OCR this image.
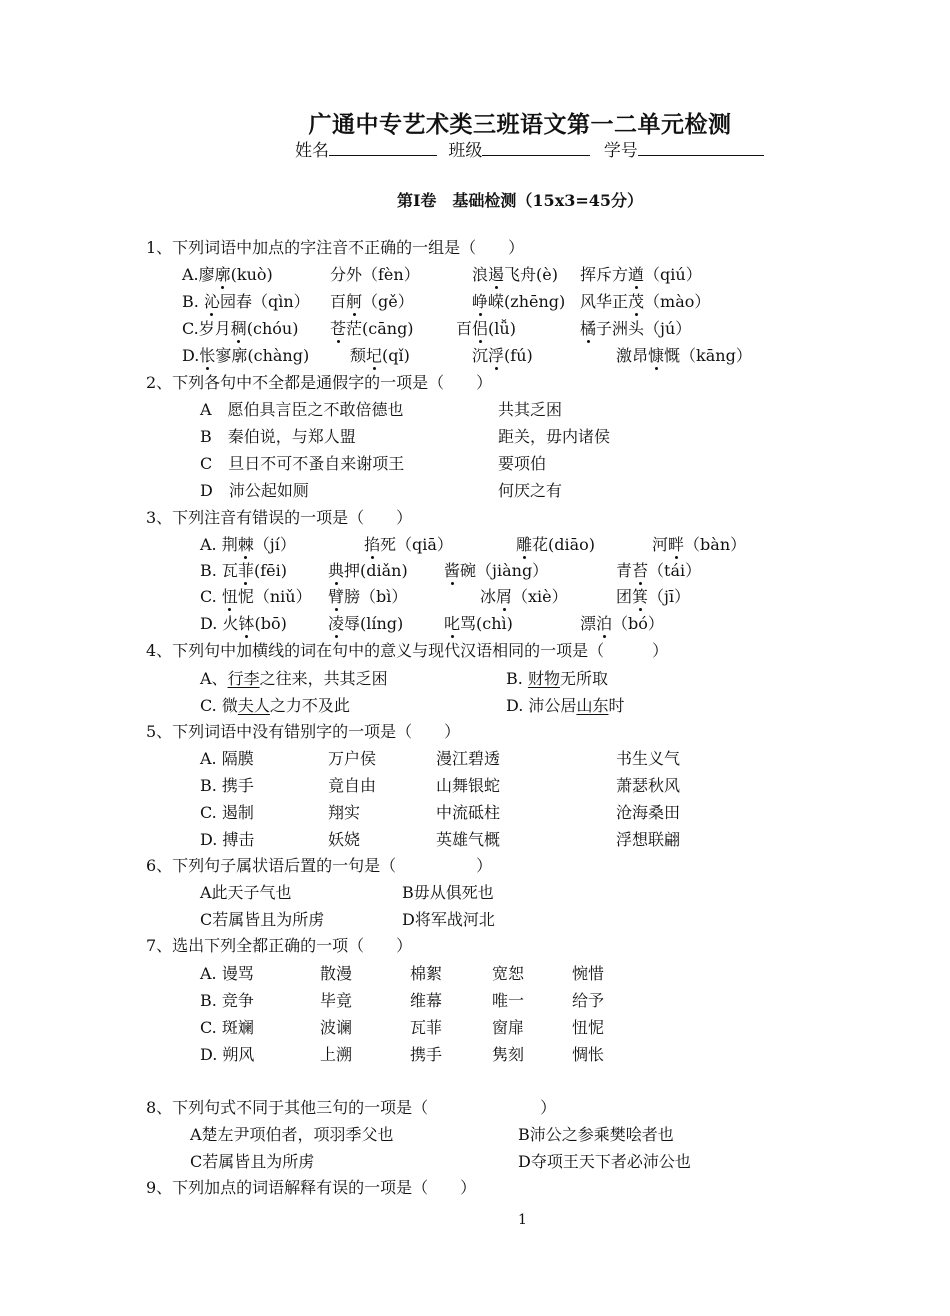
广通中专艺术类三班语文第一二单元检测
姓名	班级	学号
第Ⅰ卷　基础检测（15x3=45分）
1、下列词语中加点的字注音不正确的一组是（　　）
A.廖廓(kuò)	分外（fèn）	浪遏飞舟(è) 挥斥方遒（qiú）
B. 沁园春（qìn） 百舸（gě）	峥嵘(zhēng) 风华正茂（mào）
C.岁月稠(chóu) 苍茫(cāng)	百侣(lǚ)	橘子洲头（jú）
D.怅寥廓(chàng)	颓圮(qǐ)	沉浮(fú)	激昂慷慨（kāng）
2、下列各句中不全都是通假字的一项是（　　）
A　愿伯具言臣之不敢倍德也	共其乏困
B　秦伯说，与郑人盟	距关，毋内诸侯
C　旦日不可不蚤自来谢项王	要项伯
D　沛公起如厕	何厌之有
3、下列注音有错误的一项是（　　）
A. 荆棘（jí）	掐死（qiā）	雕花(diāo)	河畔（bàn）
B. 瓦菲(fēi)	典押(diǎn) 酱碗（jiàng）	青苔（tái）
C. 忸怩（niǔ） 臂膀（bì）	冰屑（xiè）	团箕（jī）
D. 火钵(bō)	凌辱(líng)	叱骂(chì)	漂泊（bó）
4、下列句中加横线的词在句中的意义与现代汉语相同的一项是（　　　）
A、行李之往来，共其乏困	B. 财物无所取
C. 微夫人之力不及此	D. 沛公居山东时
5、下列词语中没有错别字的一项是（　　）
A. 隔膜	万户侯	漫江碧透	书生义气
B. 携手	竟自由	山舞银蛇	萧瑟秋风
C. 遏制	翔实	中流砥柱	沧海桑田
D. 搏击	妖娆	英雄气概	浮想联翩
6、下列句子属状语后置的一句是（　　　　　）
A此天子气也	B毋从俱死也
C若属皆且为所虏	D将军战河北
7、选出下列全都正确的一项（　　）
A. 谩骂	散漫	棉絮	宽恕	惋惜
B. 竞争	毕竟	维幕	唯一	给予
C. 斑斓	波谰	瓦菲	窗扉	忸怩
D. 朔风	上溯	携手	隽刻	惆怅
8、下列句式不同于其他三句的一项是（　　　　　　　）
A楚左尹项伯者，项羽季父也	B沛公之参乘樊哙者也
C若属皆且为所虏	D夺项王天下者必沛公也
9、下列加点的词语解释有误的一项是（　　）
1
